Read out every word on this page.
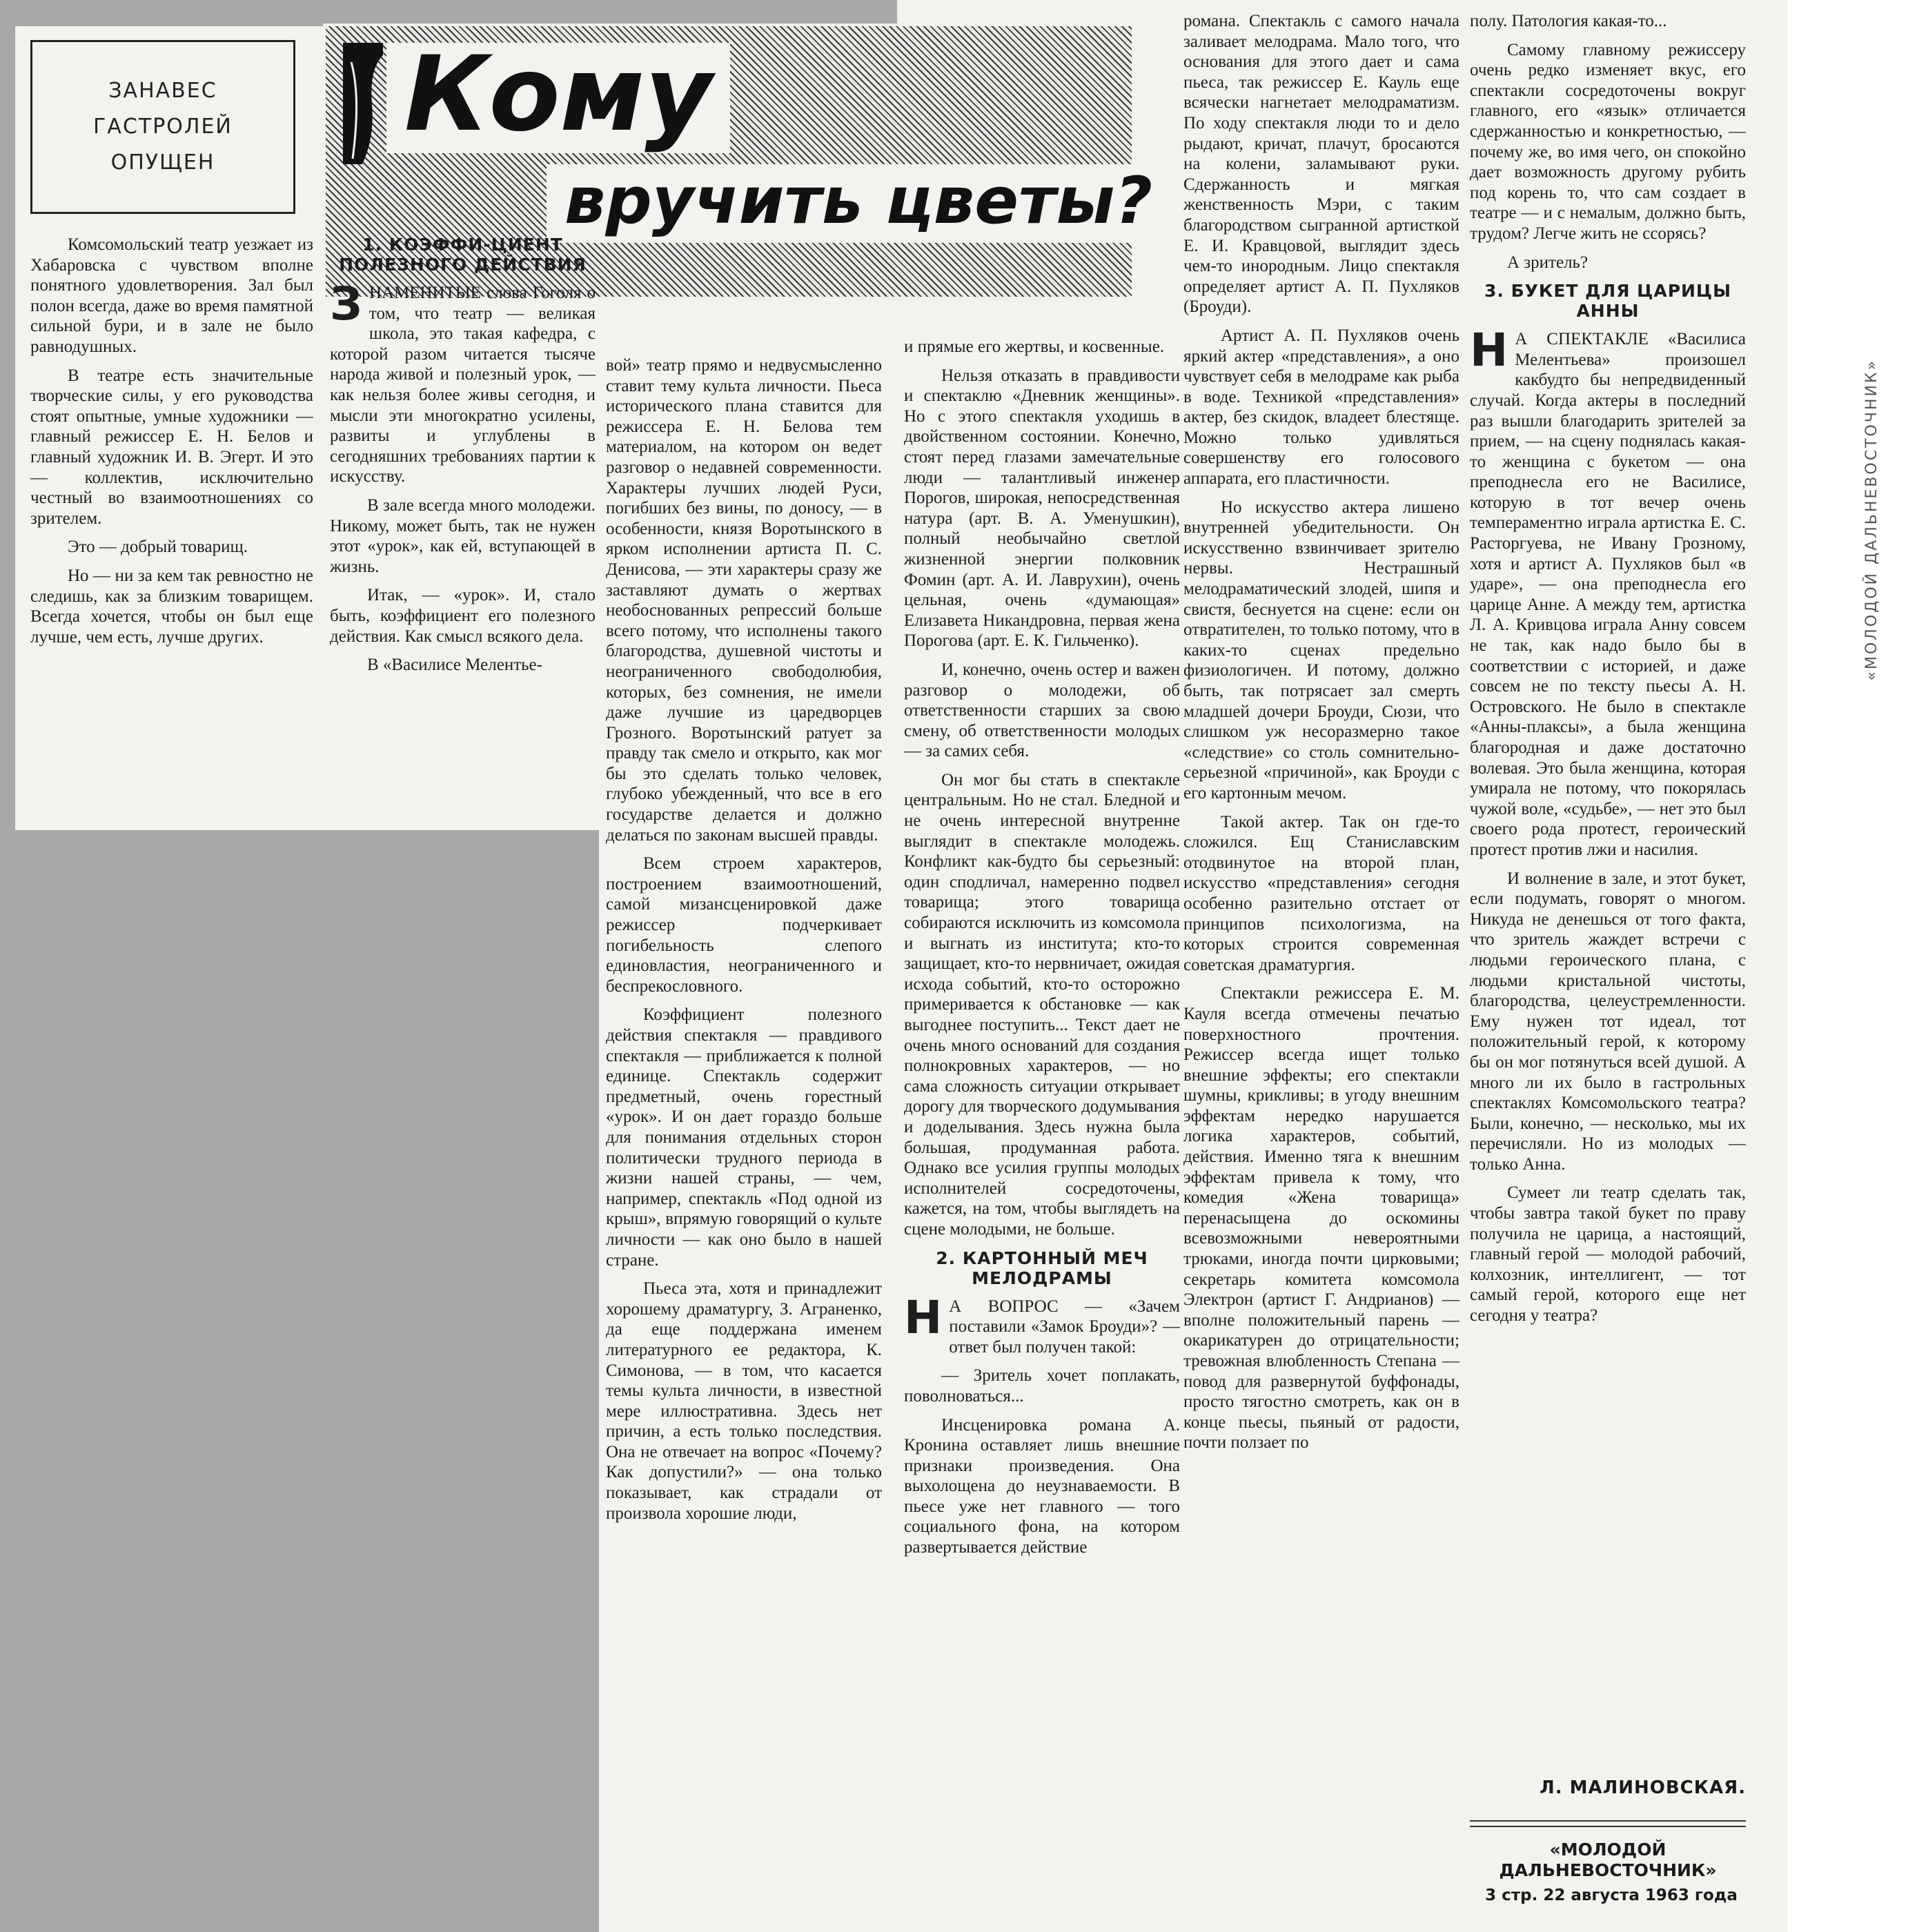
ЗАНАВЕС
ГАСТРОЛЕЙ
ОПУЩЕН
Кому
вручить цветы?

Комсомольский театр уезжает из Хабаровска с чувством вполне понятного удовлетворения. Зал был полон всегда, даже во время памятной сильной бури, и в зале не было равнодушных.

В театре есть значительные творческие силы, у его руководства стоят опытные, умные художники — главный режиссер Е. Н. Белов и главный художник И. В. Эгерт. И это — коллектив, исключительно честный во взаимоотношениях со зрителем.

Это — добрый товарищ.

Но — ни за кем так ревностно не следишь, как за близким товарищем. Всегда хочется, чтобы он был еще лучше, чем есть, лучше других.

1. КОЭФФИ-ЦИЕНТ ПОЛЕЗНОГО ДЕЙСТВИЯ

ЗНАМЕНИТЫЕ слова Гоголя о том, что театр — великая школа, это такая кафедра, с которой разом читается тысяче народа живой и полезный урок, — как нельзя более живы сегодня, и мысли эти многократно усилены, развиты и углублены в сегодняшних требованиях партии к искусству.

В зале всегда много молодежи. Никому, может быть, так не нужен этот «урок», как ей, вступающей в жизнь.

Итак, — «урок». И, стало быть, коэффициент его полезного действия. Как смысл всякого дела.

В «Василисе Мелентье-

вой» театр прямо и недвусмысленно ставит тему культа личности. Пьеса исторического плана ставится для режиссера Е. Н. Белова тем материалом, на котором он ведет разговор о недавней современности. Характеры лучших людей Руси, погибших без вины, по доносу, — в особенности, князя Воротынского в ярком исполнении артиста П. С. Денисова, — эти характеры сразу же заставляют думать о жертвах необоснованных репрессий больше всего потому, что исполнены такого благородства, душевной чистоты и неограниченного свободолюбия, которых, без сомнения, не имели даже лучшие из царедворцев Грозного. Воротынский ратует за правду так смело и открыто, как мог бы это сделать только человек, глубоко убежденный, что все в его государстве делается и должно делаться по законам высшей правды.

Всем строем характеров, построением взаимоотношений, самой мизансценировкой даже режиссер подчеркивает погибельность слепого единовластия, неограниченного и беспрекословного.

Коэффициент полезного действия спектакля — правдивого спектакля — приближается к полной единице. Спектакль содержит предметный, очень горестный «урок». И он дает гораздо больше для понимания отдельных сторон политически трудного периода в жизни нашей страны, — чем, например, спектакль «Под одной из крыш», впрямую говорящий о культе личности — как оно было в нашей стране.

Пьеса эта, хотя и принадлежит хорошему драматургу, З. Аграненко, да еще поддержана именем литературного ее редактора, К. Симонова, — в том, что касается темы культа личности, в известной мере иллюстративна. Здесь нет причин, а есть только последствия. Она не отвечает на вопрос «Почему? Как допустили?» — она только показывает, как страдали от произвола хорошие люди,

и прямые его жертвы, и косвенные.

Нельзя отказать в правдивости и спектаклю «Дневник женщины». Но с этого спектакля уходишь в двойственном состоянии. Конечно, стоят перед глазами замечательные люди — талантливый инженер Порогов, широкая, непосредственная натура (арт. В. А. Уменушкин), полный необычайно светлой жизненной энергии полковник Фомин (арт. А. И. Лаврухин), очень цельная, очень «думающая» Елизавета Никандровна, первая жена Порогова (арт. Е. К. Гильченко).

И, конечно, очень остер и важен разговор о молодежи, об ответственности старших за свою смену, об ответственности молодых — за самих себя.

Он мог бы стать в спектакле центральным. Но не стал. Бледной и не очень интересной внутренне выглядит в спектакле молодежь. Конфликт как-будто бы серьезный: один сподличал, намеренно подвел товарища; этого товарища собираются исключить из комсомола и выгнать из института; кто-то защищает, кто-то нервничает, ожидая исхода событий, кто-то осторожно примеривается к обстановке — как выгоднее поступить... Текст дает не очень много оснований для создания полнокровных характеров, — но сама сложность ситуации открывает дорогу для творческого додумывания и доделывания. Здесь нужна была большая, продуманная работа. Однако все усилия группы молодых исполнителей сосредоточены, кажется, на том, чтобы выглядеть на сцене молодыми, не больше.

2. КАРТОННЫЙ МЕЧ МЕЛОДРАМЫ

Н А ВОПРОС — «Зачем поставили «Замок Броуди»? — ответ был получен такой:

— Зритель хочет поплакать, поволноваться...

Инсценировка романа А. Кронина оставляет лишь внешние признаки произведения. Она выхолощена до неузнаваемости. В пьесе уже нет главного — того социального фона, на котором развертывается действие

романа. Спектакль с самого начала заливает мелодрама. Мало того, что основания для этого дает и сама пьеса, так режиссер Е. Кауль еще всячески нагнетает мелодраматизм. По ходу спектакля люди то и дело рыдают, кричат, плачут, бросаются на колени, заламывают руки. Сдержанность и мягкая женственность Мэри, с таким благородством сыгранной артисткой Е. И. Кравцовой, выглядит здесь чем-то инородным. Лицо спектакля определяет артист А. П. Пухляков (Броуди).

Артист А. П. Пухляков очень яркий актер «представления», а оно чувствует себя в мелодраме как рыба в воде. Техникой «представления» актер, без скидок, владеет блестяще. Можно только удивляться совершенству его голосового аппарата, его пластичности.

Но искусство актера лишено внутренней убедительности. Он искусственно взвинчивает зрителю нервы. Нестрашный мелодраматический злодей, шипя и свистя, беснуется на сцене: если он отвратителен, то только потому, что в каких-то сценах предельно физиологичен. И потому, должно быть, так потрясает зал смерть младшей дочери Броуди, Сюзи, что слишком уж несоразмерно такое «следствие» со столь сомнительно-серьезной «причиной», как Броуди с его картонным мечом.

Такой актер. Так он где-то сложился. Ещ Станиславским отодвинутое на второй план, искусство «представления» сегодня особенно разительно отстает от принципов психологизма, на которых строится современная советская драматургия.

Спектакли режиссера Е. М. Кауля всегда отмечены печатью поверхностного прочтения. Режиссер всегда ищет только внешние эффекты; его спектакли шумны, крикливы; в угоду внешним эффектам нередко нарушается логика характеров, событий, действия. Именно тяга к внешним эффектам привела к тому, что комедия «Жена товарища» перенасыщена до оскомины всевозможными невероятными трюками, иногда почти цирковыми; секретарь комитета комсомола Электрон (артист Г. Андрианов) — вполне положительный парень — окарикатурен до отрицательности; тревожная влюбленность Степана — повод для развернутой буффонады, просто тягостно смотреть, как он в конце пьесы, пьяный от радости, почти ползает по

полу. Патология какая-то...

Самому главному режиссеру очень редко изменяет вкус, его спектакли сосредоточены вокруг главного, его «язык» отличается сдержанностью и конкретностью, — почему же, во имя чего, он спокойно дает возможность другому рубить под корень то, что сам создает в театре — и с немалым, должно быть, трудом? Легче жить не ссорясь?

А зритель?

3. БУКЕТ ДЛЯ ЦАРИЦЫ АННЫ

Н А СПЕКТАКЛЕ «Василиса Мелентьева» произошел какбудто бы непредвиденный случай. Когда актеры в последний раз вышли благодарить зрителей за прием, — на сцену поднялась какая-то женщина с букетом — она преподнесла его не Василисе, которую в тот вечер очень темпераментно играла артистка Е. С. Расторгуева, не Ивану Грозному, хотя и артист А. Пухляков был «в ударе», — она преподнесла его царице Анне. А между тем, артистка Л. А. Кривцова играла Анну совсем не так, как надо было бы в соответствии с историей, и даже совсем не по тексту пьесы А. Н. Островского. Не было в спектакле «Анны-плаксы», а была женщина благородная и даже достаточно волевая. Это была женщина, которая умирала не потому, что покорялась чужой воле, «судьбе», — нет это был своего рода протест, героический протест против лжи и насилия.

И волнение в зале, и этот букет, если подумать, говорят о многом. Никуда не денешься от того факта, что зритель жаждет встречи с людьми героического плана, с людьми кристальной чистоты, благородства, целеустремленности. Ему нужен тот идеал, тот положительный герой, к которому бы он мог потянуться всей душой. А много ли их было в гастрольных спектаклях Комсомольского театра? Были, конечно, — несколько, мы их перечисляли. Но из молодых — только Анна.

Сумеет ли театр сделать так, чтобы завтра такой букет по праву получила не царица, а настоящий, главный герой — молодой рабочий, колхозник, интеллигент, — тот самый герой, которого еще нет сегодня у театра?

Л. МАЛИНОВСКАЯ.
«МОЛОДОЙ
ДАЛЬНЕВОСТОЧНИК»
3 стр. 22 августа 1963 года
«МОЛОДОЙ ДАЛЬНЕВОСТОЧНИК»
